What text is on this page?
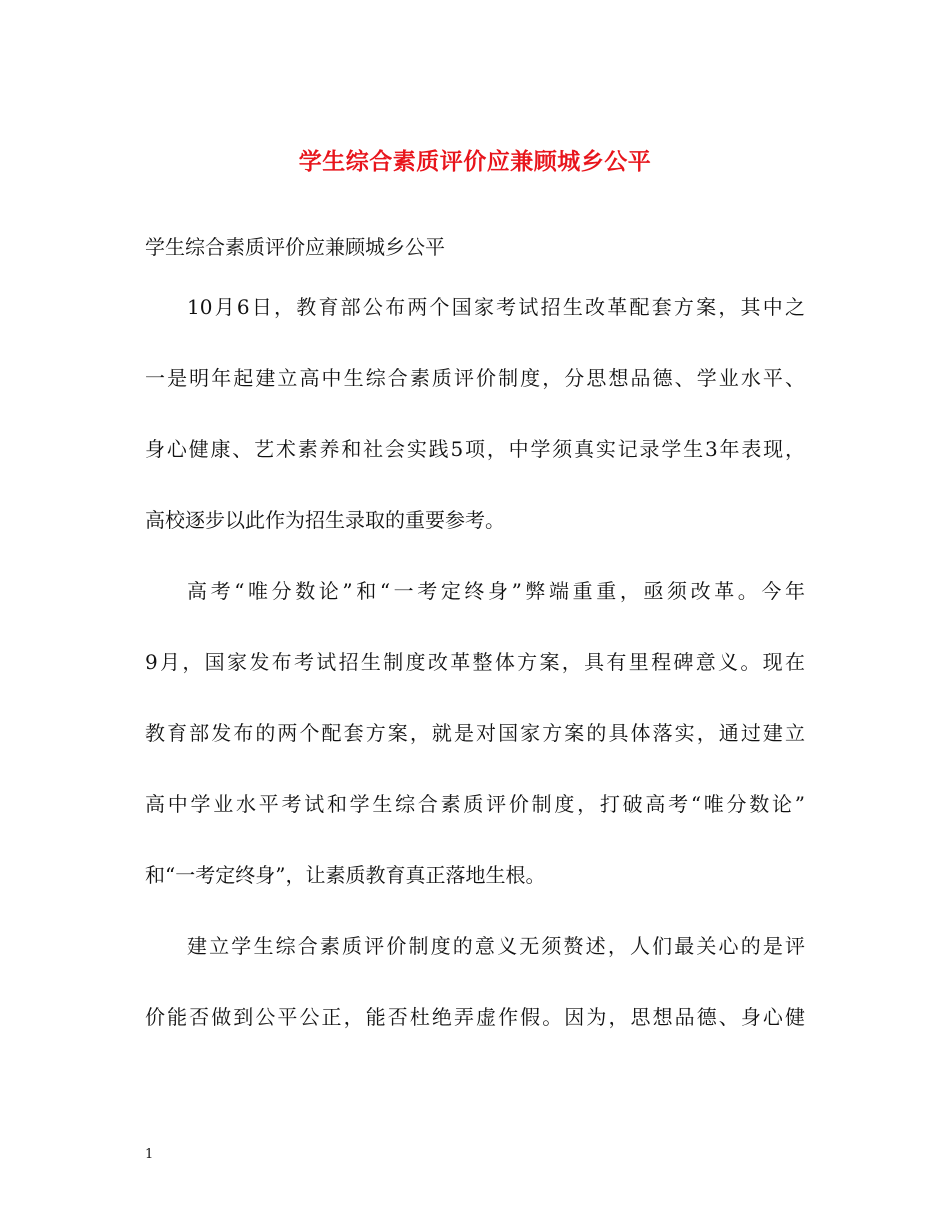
学生综合素质评价应兼顾城乡公平
学生综合素质评价应兼顾城乡公平
10月6日，教育部公布两个国家考试招生改革配套方案，其中之
一是明年起建立高中生综合素质评价制度，分思想品德、学业水平、
身心健康、艺术素养和社会实践5项，中学须真实记录学生3年表现，
高校逐步以此作为招生录取的重要参考。
高考“唯分数论”和“一考定终身”弊端重重，亟须改革。今年
9月，国家发布考试招生制度改革整体方案，具有里程碑意义。现在
教育部发布的两个配套方案，就是对国家方案的具体落实，通过建立
高中学业水平考试和学生综合素质评价制度，打破高考“唯分数论”
和“一考定终身”，让素质教育真正落地生根。
建立学生综合素质评价制度的意义无须赘述，人们最关心的是评
价能否做到公平公正，能否杜绝弄虚作假。因为，思想品德、身心健
1
